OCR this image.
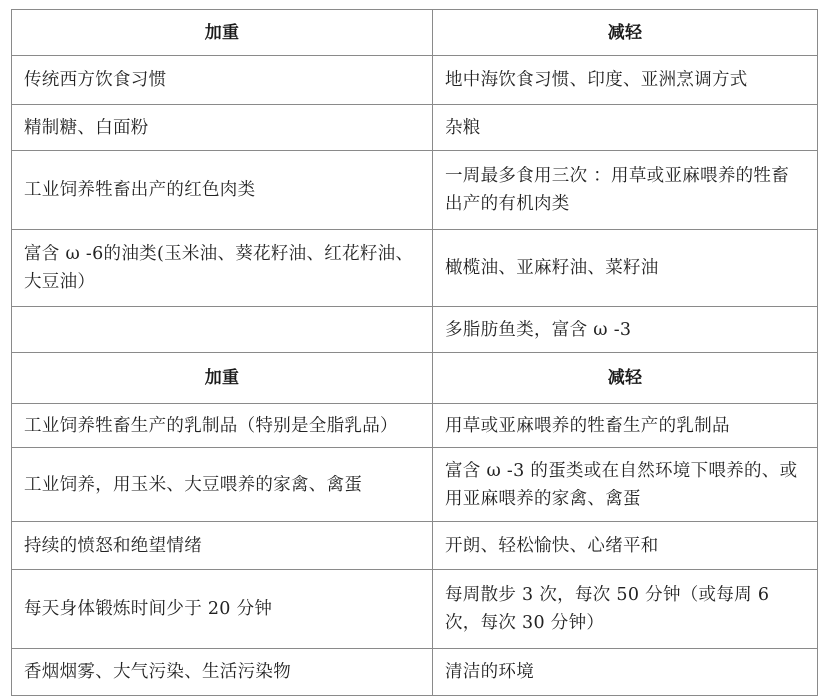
加重	减轻
传统西方饮食习惯	地中海饮食习惯、印度、亚洲烹调方式
精制糖、白面粉	杂粮
工业饲养牲畜出产的红色肉类	一周最多食用三次 ：用草或亚麻喂养的牲畜出产的有机肉类
富含 ω -6的油类(玉米油、葵花籽油、红花籽油、大豆油）	橄榄油、亚麻籽油、菜籽油
	多脂肪鱼类，富含 ω -3
加重	减轻
工业饲养牲畜生产的乳制品（特别是全脂乳品）	用草或亚麻喂养的牲畜生产的乳制品
工业饲养，用玉米、大豆喂养的家禽、禽蛋	富含 ω -3 的蛋类或在自然环境下喂养的、或用亚麻喂养的家禽、禽蛋
持续的愤怒和绝望情绪	开朗、轻松愉快、心绪平和
每天身体锻炼时间少于 20 分钟	每周散步 3 次，每次 50 分钟（或每周 6 次，每次 30 分钟）
香烟烟雾、大气污染、生活污染物	清洁的环境
